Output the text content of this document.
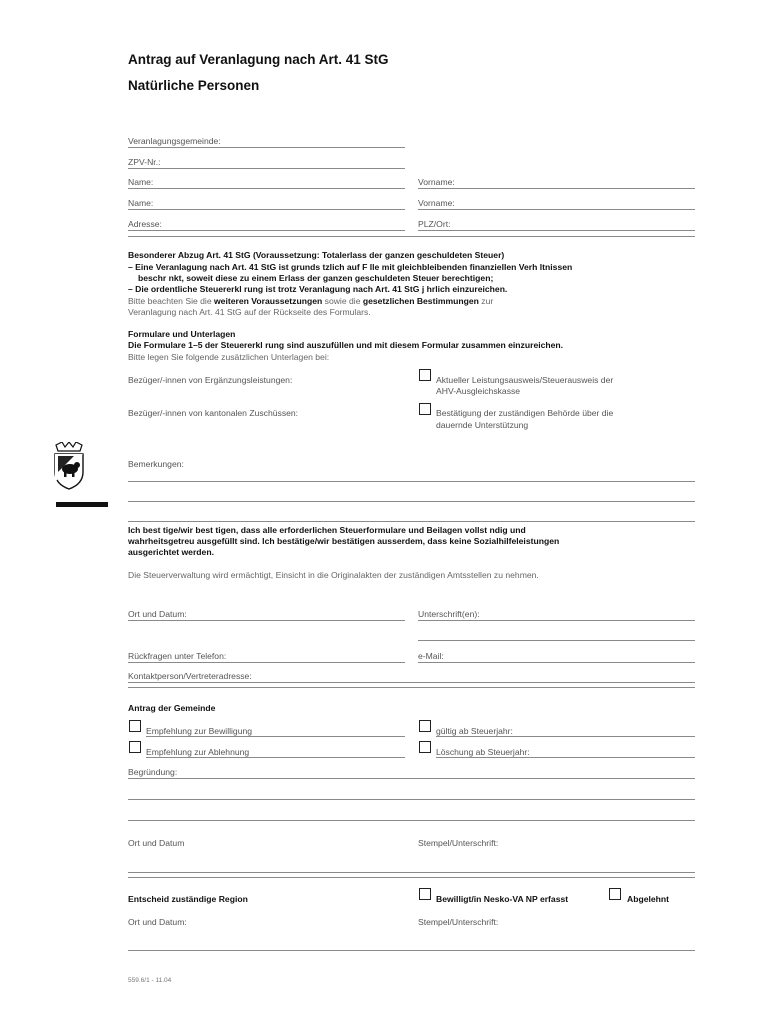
Antrag auf Veranlagung nach Art. 41 StG
Natürliche Personen
Veranlagungsgemeinde:
ZPV-Nr.:
Name:	Vorname:
Name:	Vorname:
Adresse:	PLZ/Ort:
Besonderer Abzug Art. 41 StG (Voraussetzung: Totalerlass der ganzen geschuldeten Steuer)
– Eine Veranlagung nach Art. 41 StG ist grunds tzlich auf F lle mit gleichbleibenden finanziellen Verh ltnissen
beschr nkt, soweit diese zu einem Erlass der ganzen geschuldeten Steuer berechtigen;
– Die ordentliche Steuererkl rung ist trotz Veranlagung nach Art. 41 StG j hrlich einzureichen.
Bitte beachten Sie die weiteren Voraussetzungen sowie die gesetzlichen Bestimmungen zur
Veranlagung nach Art. 41 StG auf der Rückseite des Formulars.
Formulare und Unterlagen
Die Formulare 1–5 der Steuererkl rung sind auszufüllen und mit diesem Formular zusammen einzureichen.
Bitte legen Sie folgende zusätzlichen Unterlagen bei:
Bezüger/-innen von Ergänzungsleistungen:	Aktueller Leistungsausweis/Steuerausweis der
AHV-Ausgleichskasse
Bezüger/-innen von kantonalen Zuschüssen:	Bestätigung der zuständigen Behörde über die
dauernde Unterstützung
Bemerkungen:
Ich best tige/wir best tigen, dass alle erforderlichen Steuerformulare und Beilagen vollst ndig und
wahrheitsgetreu ausgefüllt sind. Ich bestätige/wir bestätigen ausserdem, dass keine Sozialhilfeleistungen
ausgerichtet werden.
Die Steuerverwaltung wird ermächtigt, Einsicht in die Originalakten der zuständigen Amtsstellen zu nehmen.
Ort und Datum:	Unterschrift(en):
Rückfragen unter Telefon:	e-Mail:
Kontaktperson/Vertreteradresse:
Antrag der Gemeinde
Empfehlung zur Bewilligung	gültig ab Steuerjahr:
Empfehlung zur Ablehnung	Löschung ab Steuerjahr:
Begründung:
Ort und Datum	Stempel/Unterschrift:
Entscheid zuständige Region	Bewilligt/in Nesko-VA NP erfasst	Abgelehnt
Ort und Datum:	Stempel/Unterschrift:
559.6/1 - 11.04
